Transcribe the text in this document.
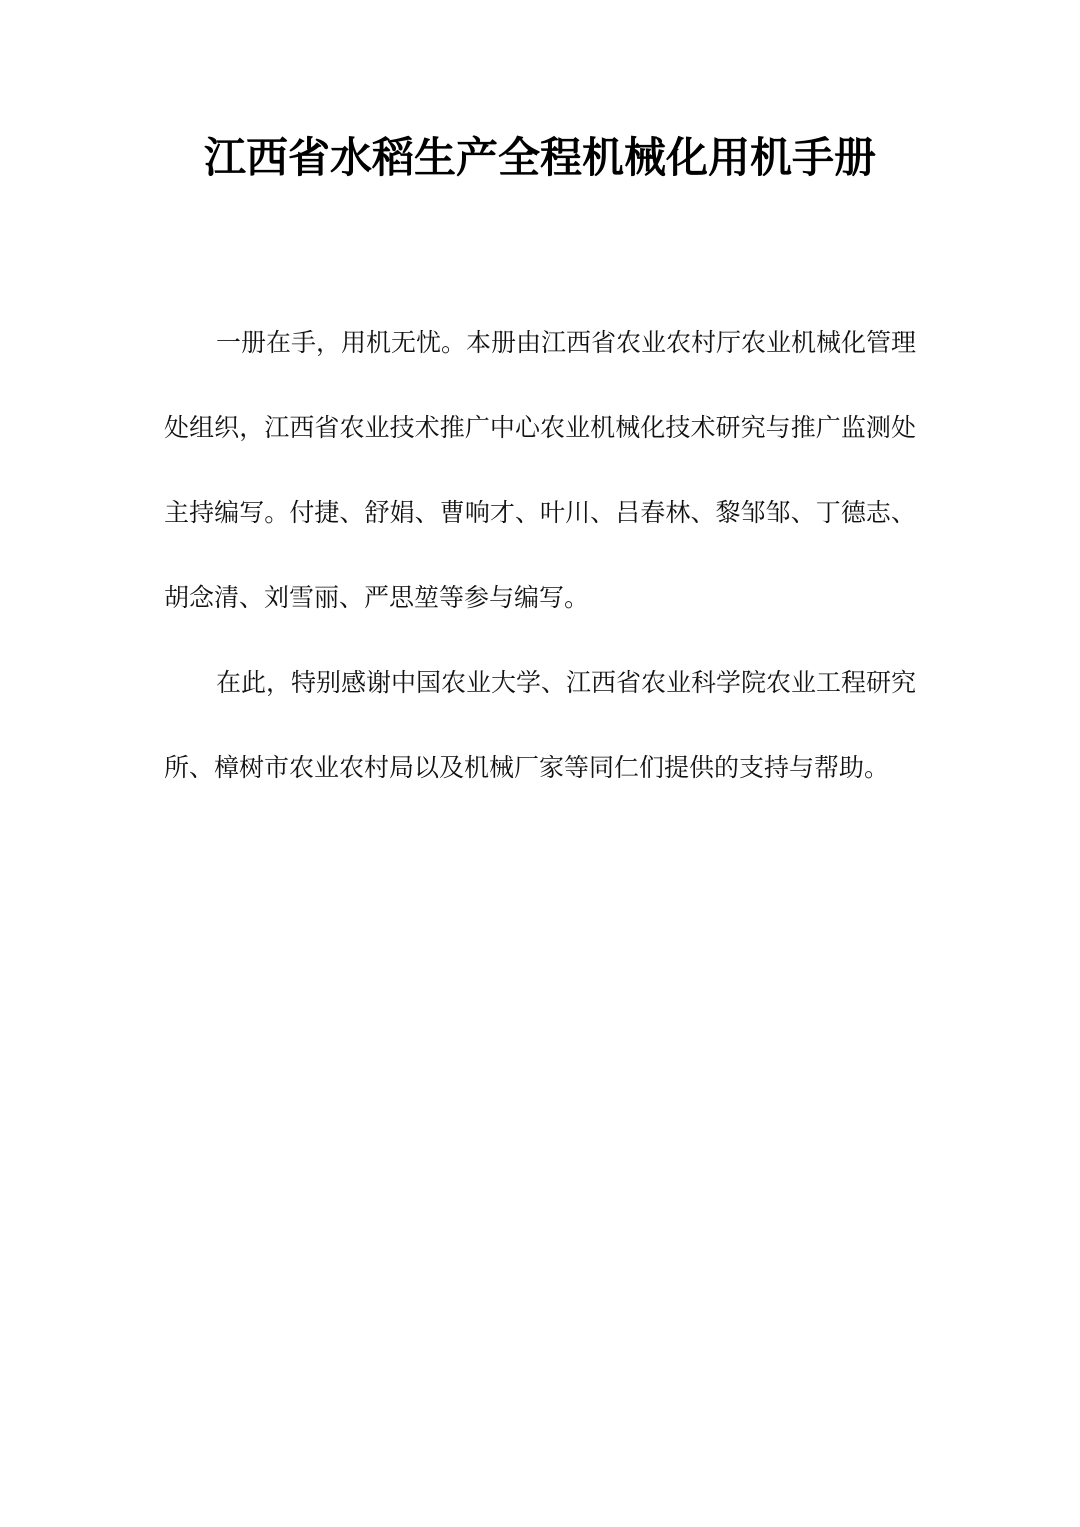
江西省水稻生产全程机械化用机手册

一册在手，用机无忧。本册由江西省农业农村厅农业机械化管理处组织，江西省农业技术推广中心农业机械化技术研究与推广监测处主持编写。付捷、舒娟、曹响才、叶川、吕春林、黎邹邹、丁德志、胡念清、刘雪丽、严思堃等参与编写。

在此，特别感谢中国农业大学、江西省农业科学院农业工程研究所、樟树市农业农村局以及机械厂家等同仁们提供的支持与帮助。
